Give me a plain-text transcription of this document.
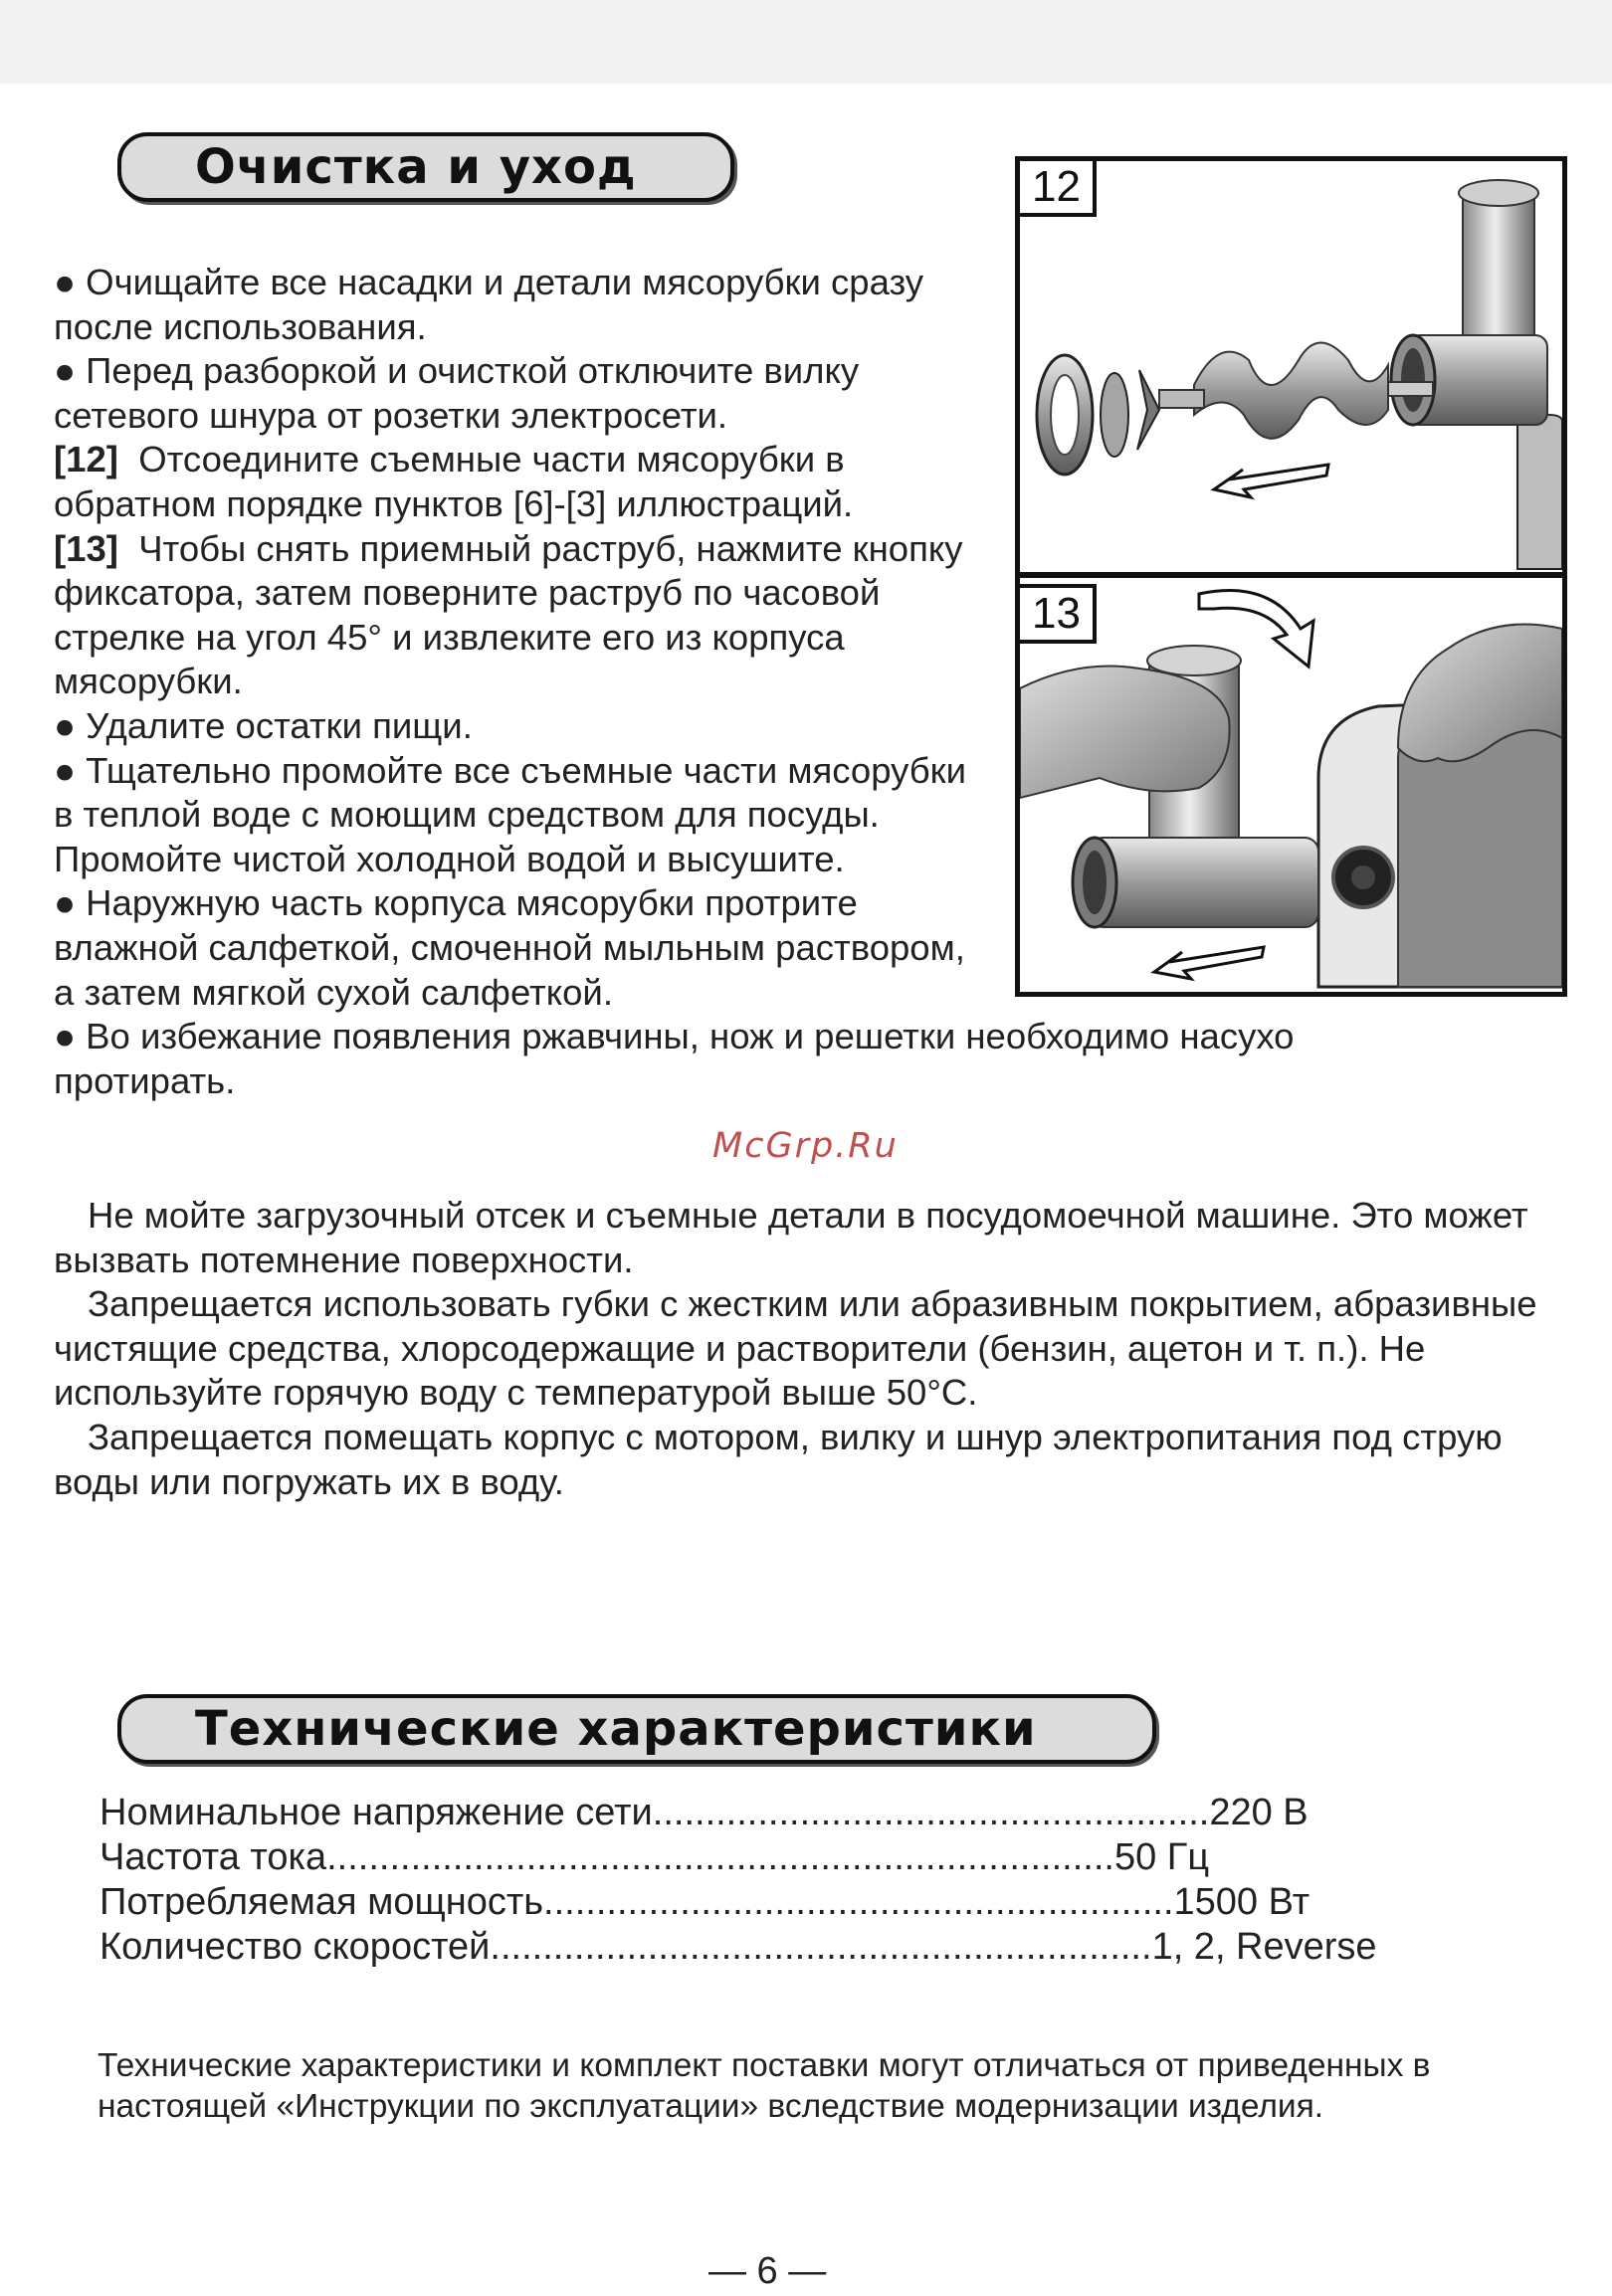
Очистка и уход

● Очищайте все насадки и детали мясорубки сразу после использования.

● Перед разборкой и очисткой отключите вилку сетевого шнура от розетки электросети.

[12] Отсоедините съемные части мясорубки в обратном порядке пунктов [6]-[3] иллюстраций.

[13] Чтобы снять приемный раструб, нажмите кнопку фиксатора, затем поверните раструб по часовой стрелке на угол 45° и извлеките его из корпуса мясорубки.

● Удалите остатки пищи.

● Тщательно промойте все съемные части мясорубки в теплой воде с моющим средством для посуды. Промойте чистой холодной водой и высушите.

● Наружную часть корпуса мясорубки протрите влажной салфеткой, смоченной мыльным раствором, а затем мягкой сухой салфеткой.

● Во избежание появления ржавчины, нож и решетки необходимо насухо протирать.

McGrp.Ru

Не мойте загрузочный отсек и съемные детали в посудомоечной машине. Это может вызвать потемнение поверхности.

Запрещается использовать губки с жестким или абразивным покрытием, абразивные чистящие средства, хлорсодержащие и растворители (бензин, ацетон и т. п.). Не используйте горячую воду с температурой выше 50°C.

Запрещается помещать корпус с мотором, вилку и шнур электропитания под струю воды или погружать их в воду.

12
13
Технические характеристики
Номинальное напряжение сети ..................................................... 220 В
Частота тока ........................................................................... 50 Гц
Потребляемая мощность ............................................................ 1500 Вт
Количество скоростей ............................................................... 1, 2, Reverse
Технические характеристики и комплект поставки могут отличаться от приведенных в настоящей «Инструкции по эксплуатации» вследствие модернизации изделия.
— 6 —
